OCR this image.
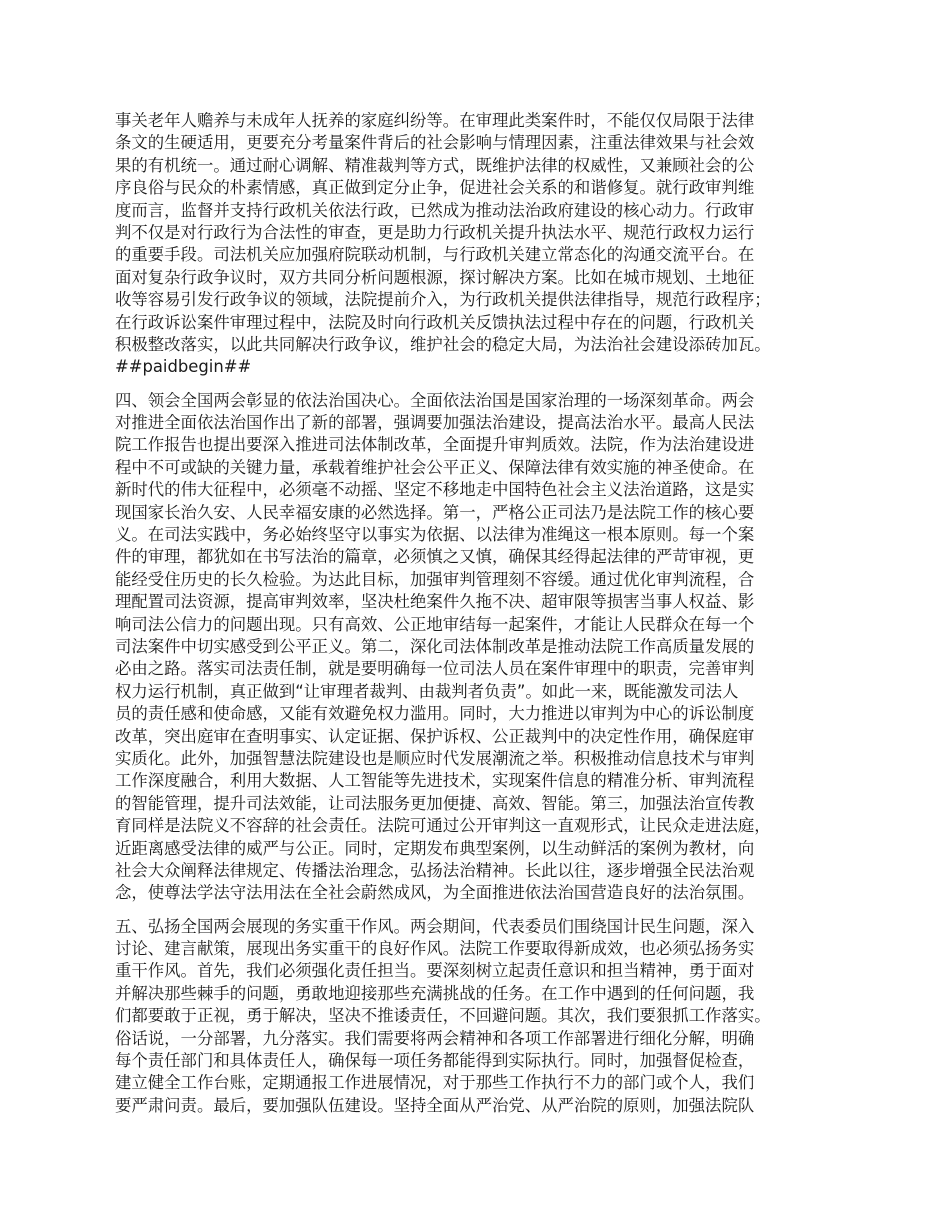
事关老年人赡养与未成年人抚养的家庭纠纷等。在审理此类案件时，不能仅仅局限于法律
条文的生硬适用，更要充分考量案件背后的社会影响与情理因素，注重法律效果与社会效
果的有机统一。通过耐心调解、精准裁判等方式，既维护法律的权威性，又兼顾社会的公
序良俗与民众的朴素情感，真正做到定分止争，促进社会关系的和谐修复。就行政审判维
度而言，监督并支持行政机关依法行政，已然成为推动法治政府建设的核心动力。行政审
判不仅是对行政行为合法性的审查，更是助力行政机关提升执法水平、规范行政权力运行
的重要手段。司法机关应加强府院联动机制，与行政机关建立常态化的沟通交流平台。在
面对复杂行政争议时，双方共同分析问题根源，探讨解决方案。比如在城市规划、土地征
收等容易引发行政争议的领域，法院提前介入，为行政机关提供法律指导，规范行政程序；
在行政诉讼案件审理过程中，法院及时向行政机关反馈执法过程中存在的问题，行政机关
积极整改落实，以此共同解决行政争议，维护社会的稳定大局，为法治社会建设添砖加瓦。
##paidbegin##
四、领会全国两会彰显的依法治国决心。全面依法治国是国家治理的一场深刻革命。两会
对推进全面依法治国作出了新的部署，强调要加强法治建设，提高法治水平。最高人民法
院工作报告也提出要深入推进司法体制改革，全面提升审判质效。法院，作为法治建设进
程中不可或缺的关键力量，承载着维护社会公平正义、保障法律有效实施的神圣使命。在
新时代的伟大征程中，必须毫不动摇、坚定不移地走中国特色社会主义法治道路，这是实
现国家长治久安、人民幸福安康的必然选择。第一，严格公正司法乃是法院工作的核心要
义。在司法实践中，务必始终坚守以事实为依据、以法律为准绳这一根本原则。每一个案
件的审理，都犹如在书写法治的篇章，必须慎之又慎，确保其经得起法律的严苛审视，更
能经受住历史的长久检验。为达此目标，加强审判管理刻不容缓。通过优化审判流程，合
理配置司法资源，提高审判效率，坚决杜绝案件久拖不决、超审限等损害当事人权益、影
响司法公信力的问题出现。只有高效、公正地审结每一起案件，才能让人民群众在每一个
司法案件中切实感受到公平正义。第二，深化司法体制改革是推动法院工作高质量发展的
必由之路。落实司法责任制，就是要明确每一位司法人员在案件审理中的职责，完善审判
权力运行机制，真正做到“让审理者裁判、由裁判者负责”。如此一来，既能激发司法人
员的责任感和使命感，又能有效避免权力滥用。同时，大力推进以审判为中心的诉讼制度
改革，突出庭审在查明事实、认定证据、保护诉权、公正裁判中的决定性作用，确保庭审
实质化。此外，加强智慧法院建设也是顺应时代发展潮流之举。积极推动信息技术与审判
工作深度融合，利用大数据、人工智能等先进技术，实现案件信息的精准分析、审判流程
的智能管理，提升司法效能，让司法服务更加便捷、高效、智能。第三，加强法治宣传教
育同样是法院义不容辞的社会责任。法院可通过公开审判这一直观形式，让民众走进法庭，
近距离感受法律的威严与公正。同时，定期发布典型案例，以生动鲜活的案例为教材，向
社会大众阐释法律规定、传播法治理念，弘扬法治精神。长此以往，逐步增强全民法治观
念，使尊法学法守法用法在全社会蔚然成风，为全面推进依法治国营造良好的法治氛围。
五、弘扬全国两会展现的务实重干作风。两会期间，代表委员们围绕国计民生问题，深入
讨论、建言献策，展现出务实重干的良好作风。法院工作要取得新成效，也必须弘扬务实
重干作风。首先，我们必须强化责任担当。要深刻树立起责任意识和担当精神，勇于面对
并解决那些棘手的问题，勇敢地迎接那些充满挑战的任务。在工作中遇到的任何问题，我
们都要敢于正视，勇于解决，坚决不推诿责任，不回避问题。其次，我们要狠抓工作落实。
俗话说，一分部署，九分落实。我们需要将两会精神和各项工作部署进行细化分解，明确
每个责任部门和具体责任人，确保每一项任务都能得到实际执行。同时，加强督促检查，
建立健全工作台账，定期通报工作进展情况，对于那些工作执行不力的部门或个人，我们
要严肃问责。最后，要加强队伍建设。坚持全面从严治党、从严治院的原则，加强法院队
